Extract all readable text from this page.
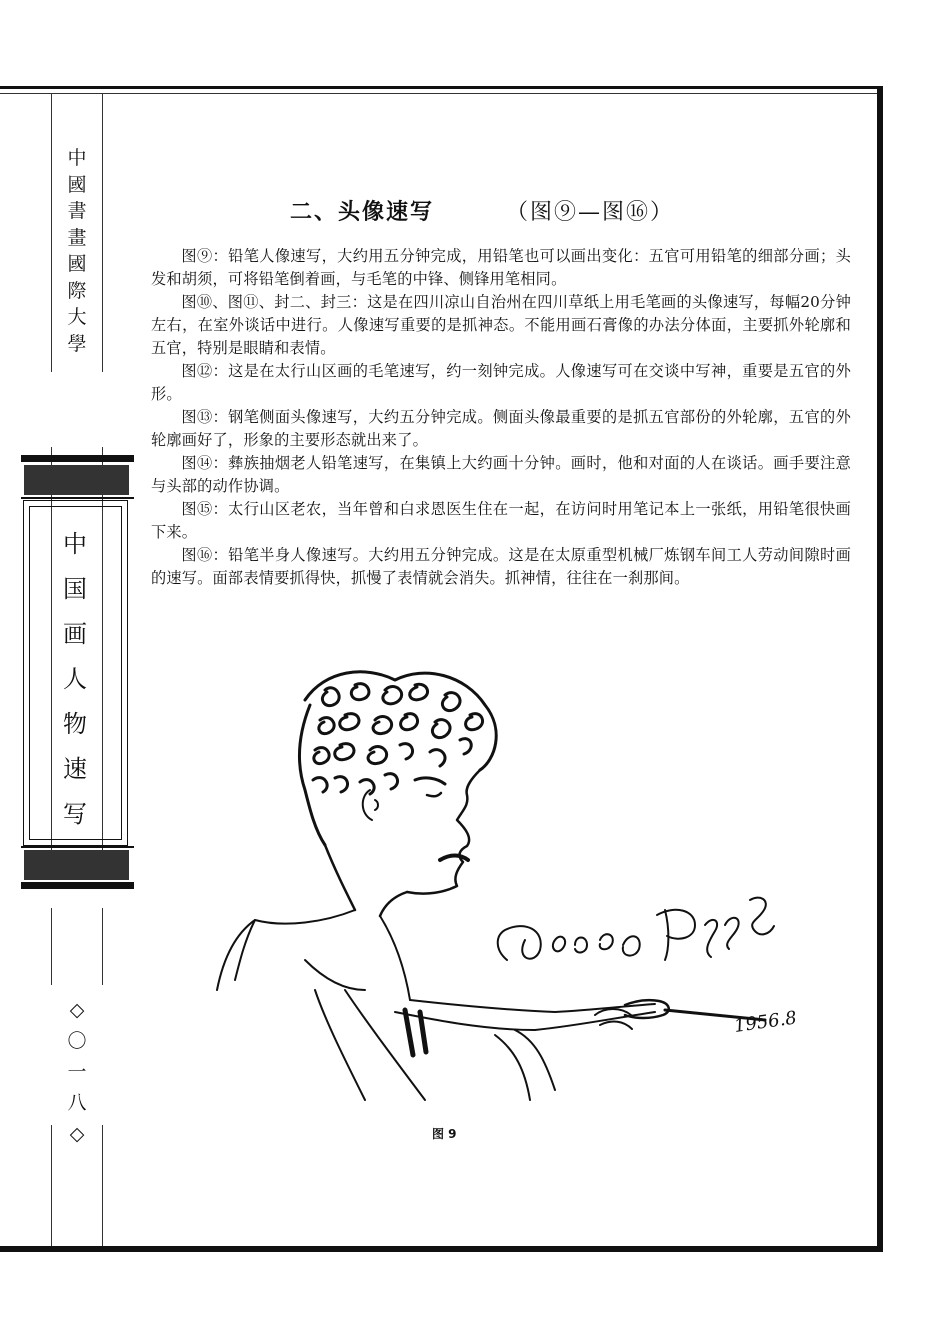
中
國
書
畫
國
際
大
學
中
国
画
人
物
速
写
◇
〇
一
八
◇
二、头像速写	（图⑨—图⑯）

图⑨：铅笔人像速写，大约用五分钟完成，用铅笔也可以画出变化：五官可用铅笔的细部分画；头发和胡须，可将铅笔倒着画，与毛笔的中锋、侧锋用笔相同。

图⑩、图⑪、封二、封三：这是在四川凉山自治州在四川草纸上用毛笔画的头像速写，每幅20分钟左右，在室外谈话中进行。人像速写重要的是抓神态。不能用画石膏像的办法分体面，主要抓外轮廓和五官，特别是眼睛和表情。

图⑫：这是在太行山区画的毛笔速写，约一刻钟完成。人像速写可在交谈中写神，重要是五官的外形。

图⑬：钢笔侧面头像速写，大约五分钟完成。侧面头像最重要的是抓五官部份的外轮廓，五官的外轮廓画好了，形象的主要形态就出来了。

图⑭：彝族抽烟老人铅笔速写，在集镇上大约画十分钟。画时，他和对面的人在谈话。画手要注意与头部的动作协调。

图⑮：太行山区老农，当年曾和白求恩医生住在一起，在访问时用笔记本上一张纸，用铅笔很快画下来。

图⑯：铅笔半身人像速写。大约用五分钟完成。这是在太原重型机械厂炼钢车间工人劳动间隙时画的速写。面部表情要抓得快，抓慢了表情就会消失。抓神情，往往在一刹那间。

1956.8
图 9
